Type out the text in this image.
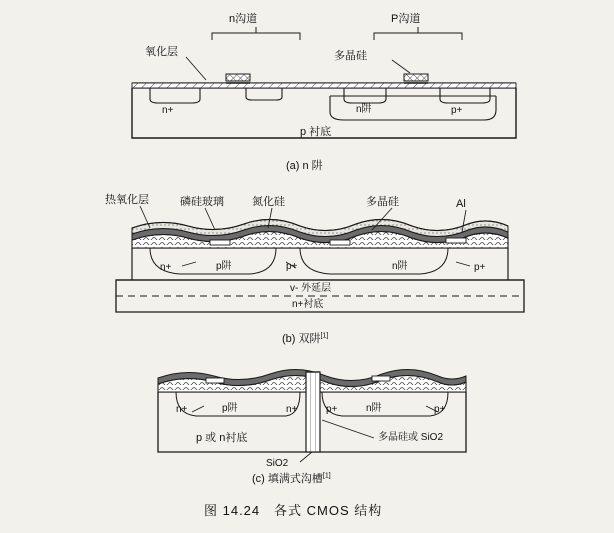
n沟道	P沟道
氧化层	多晶硅
n+	n阱	p+
p 衬底
(a) n 阱
热氧化层	磷硅玻璃	氮化硅	多晶硅	Al
n+	p阱	p+	n阱	p+
v- 外延层
n+衬底
(b) 双阱[1]
n+	p阱	n+	p+	n阱	p+
p 或 n衬底	多晶硅或 SiO2
SiO2
(c) 填满式沟槽[1]
图 14.24 各式 CMOS 结构
